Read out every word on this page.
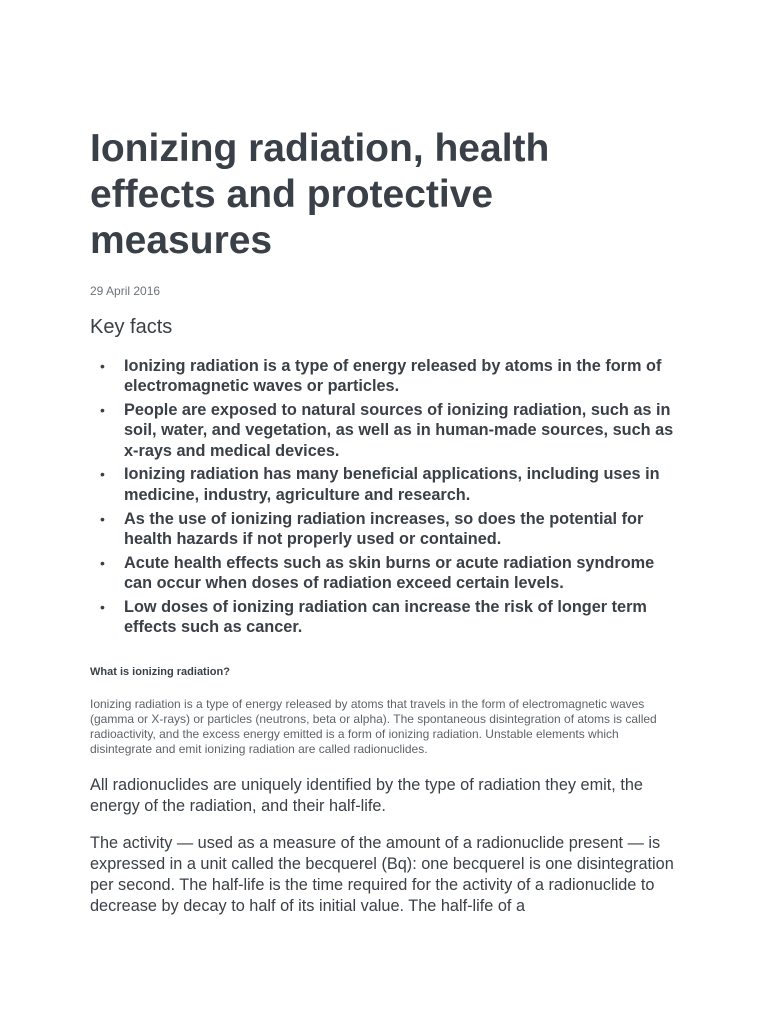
Ionizing radiation, health effects and protective measures

29 April 2016

Key facts
• Ionizing radiation is a type of energy released by atoms in the form of electromagnetic waves or particles.
• People are exposed to natural sources of ionizing radiation, such as in soil, water, and vegetation, as well as in human-made sources, such as x-rays and medical devices.
• Ionizing radiation has many beneficial applications, including uses in medicine, industry, agriculture and research.
• As the use of ionizing radiation increases, so does the potential for health hazards if not properly used or contained.
• Acute health effects such as skin burns or acute radiation syndrome can occur when doses of radiation exceed certain levels.
• Low doses of ionizing radiation can increase the risk of longer term effects such as cancer.
What is ionizing radiation?

Ionizing radiation is a type of energy released by atoms that travels in the form of electromagnetic waves (gamma or X-rays) or particles (neutrons, beta or alpha). The spontaneous disintegration of atoms is called radioactivity, and the excess energy emitted is a form of ionizing radiation. Unstable elements which disintegrate and emit ionizing radiation are called radionuclides.

All radionuclides are uniquely identified by the type of radiation they emit, the energy of the radiation, and their half-life.

The activity — used as a measure of the amount of a radionuclide present — is expressed in a unit called the becquerel (Bq): one becquerel is one disintegration per second. The half-life is the time required for the activity of a radionuclide to decrease by decay to half of its initial value. The half-life of a
